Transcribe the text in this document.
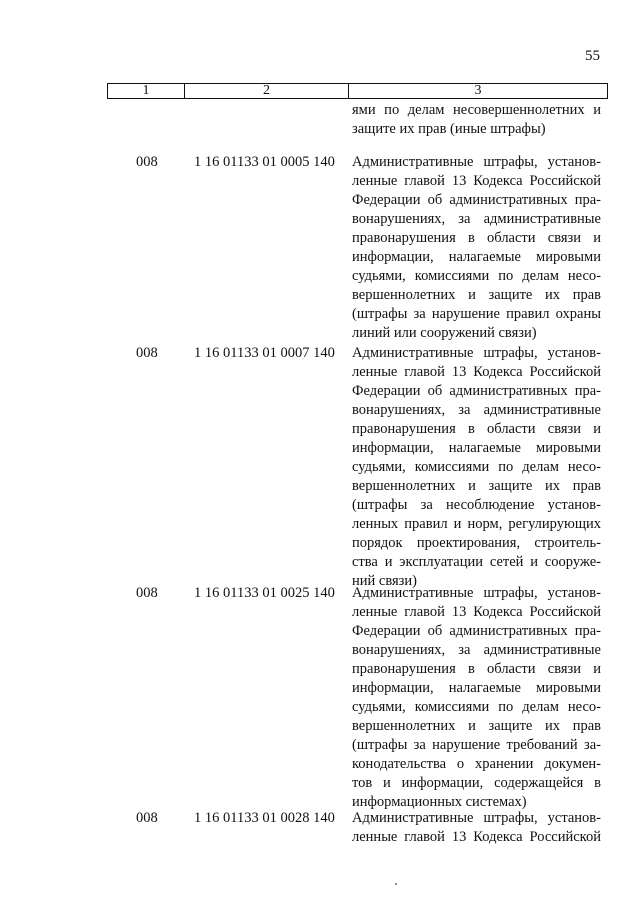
55
1	2	3
ями по делам несовершеннолетних и
защите их прав (иные штрафы)
008	1 16 01133 01 0005 140 Административные штрафы, установ-
ленные главой 13 Кодекса Российской
Федерации об административных пра-
вонарушениях, за административные
правонарушения в области связи и
информации, налагаемые мировыми
судьями, комиссиями по делам несо-
вершеннолетних и защите их прав
(штрафы за нарушение правил охраны
линий или сооружений связи)
008	1 16 01133 01 0007 140 Административные штрафы, установ-
ленные главой 13 Кодекса Российской
Федерации об административных пра-
вонарушениях, за административные
правонарушения в области связи и
информации, налагаемые мировыми
судьями, комиссиями по делам несо-
вершеннолетних и защите их прав
(штрафы за несоблюдение установ-
ленных правил и норм, регулирующих
порядок проектирования, строитель-
ства и эксплуатации сетей и сооруже-
ний связи)
008	1 16 01133 01 0025 140 Административные штрафы, установ-
ленные главой 13 Кодекса Российской
Федерации об административных пра-
вонарушениях, за административные
правонарушения в области связи и
информации, налагаемые мировыми
судьями, комиссиями по делам несо-
вершеннолетних и защите их прав
(штрафы за нарушение требований за-
конодательства о хранении докумен-
тов и информации, содержащейся в
информационных системах)
008	1 16 01133 01 0028 140 Административные штрафы, установ-
ленные главой 13 Кодекса Российской
